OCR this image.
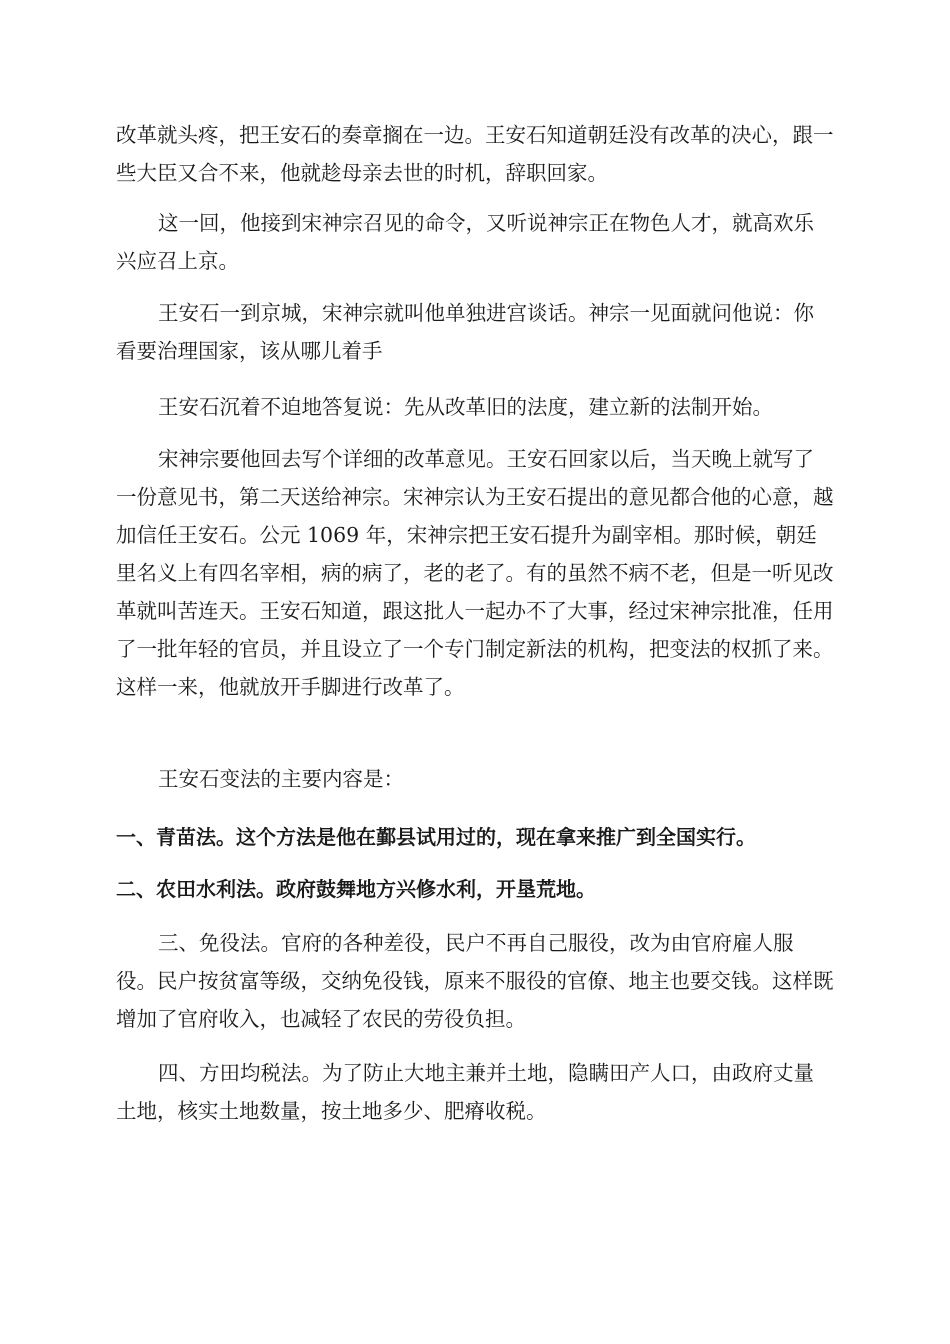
改革就头疼，把王安石的奏章搁在一边。王安石知道朝廷没有改革的决心，跟一些大臣又合不来，他就趁母亲去世的时机，辞职回家。

这一回，他接到宋神宗召见的命令，又听说神宗正在物色人才，就高欢乐兴应召上京。

王安石一到京城，宋神宗就叫他单独进宫谈话。神宗一见面就问他说：你看要治理国家，该从哪儿着手

王安石沉着不迫地答复说：先从改革旧的法度，建立新的法制开始。

宋神宗要他回去写个详细的改革意见。王安石回家以后，当天晚上就写了一份意见书，第二天送给神宗。宋神宗认为王安石提出的意见都合他的心意，越加信任王安石。公元 1069 年，宋神宗把王安石提升为副宰相。那时候，朝廷里名义上有四名宰相，病的病了，老的老了。有的虽然不病不老，但是一听见改革就叫苦连天。王安石知道，跟这批人一起办不了大事，经过宋神宗批准，任用了一批年轻的官员，并且设立了一个专门制定新法的机构，把变法的权抓了来。这样一来，他就放开手脚进行改革了。

王安石变法的主要内容是：

一、青苗法。这个方法是他在鄞县试用过的，现在拿来推广到全国实行。

二、农田水利法。政府鼓舞地方兴修水利，开垦荒地。

三、免役法。官府的各种差役，民户不再自己服役，改为由官府雇人服役。民户按贫富等级，交纳免役钱，原来不服役的官僚、地主也要交钱。这样既增加了官府收入，也减轻了农民的劳役负担。

四、方田均税法。为了防止大地主兼并土地，隐瞒田产人口，由政府丈量土地，核实土地数量，按土地多少、肥瘠收税。
